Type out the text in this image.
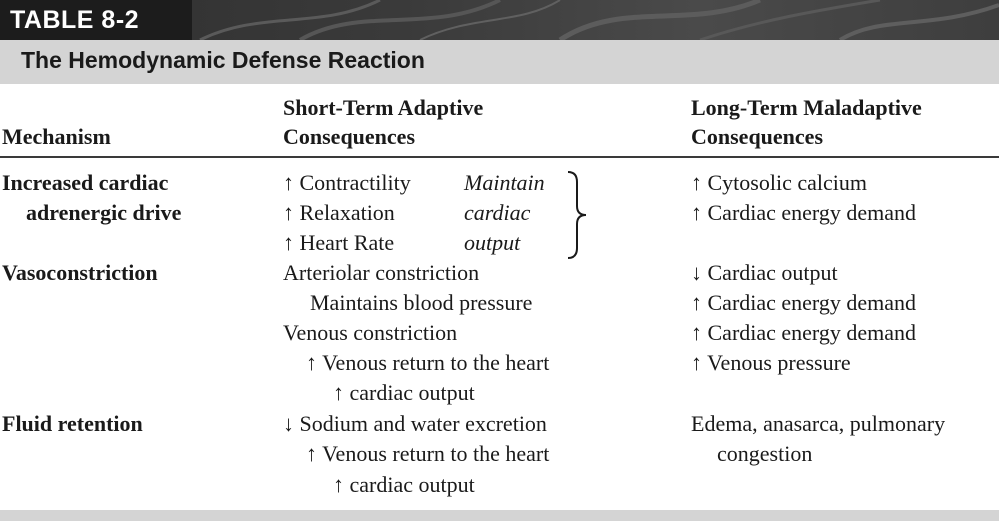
TABLE 8-2
The Hemodynamic Defense Reaction
Mechanism
Short-Term Adaptive
Consequences
Long-Term Maladaptive
Consequences
Increased cardiac
adrenergic drive
↑ Contractility
↑ Relaxation
↑ Heart Rate
Maintain
cardiac
output
↑ Cytosolic calcium
↑ Cardiac energy demand
Vasoconstriction	Arteriolar constriction
Maintains blood pressure
Venous constriction
↑ Venous return to the heart
↑ cardiac output
↓ Cardiac output
↑ Cardiac energy demand
↑ Cardiac energy demand
↑ Venous pressure
Fluid retention	↓ Sodium and water excretion
↑ Venous return to the heart
↑ cardiac output
Edema, anasarca, pulmonary
congestion
